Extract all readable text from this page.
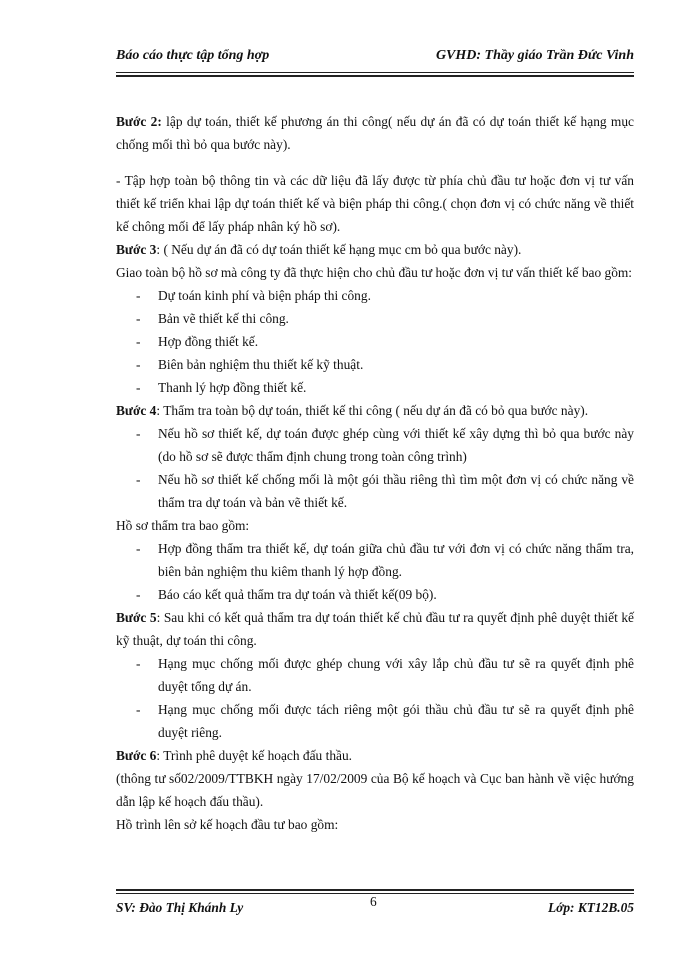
Báo cáo thực tập tổng hợp	GVHD: Thầy giáo Trần Đức Vinh

Bước 2: lập dự toán, thiết kế phương án thi công( nếu dự án đã có dự toán thiết kế hạng mục chống mối thì bỏ qua bước này).

- Tập hợp toàn bộ thông tin và các dữ liệu đã lấy được từ phía chủ đầu tư hoặc đơn vị tư vấn thiết kế triển khai lập dự toán thiết kế và biện pháp thi công.( chọn đơn vị có chức năng về thiết kế chông mối để lấy pháp nhân ký hồ sơ).

Bước 3: ( Nếu dự án đã có dự toán thiết kế hạng mục cm bỏ qua bước này).

Giao toàn bộ hồ sơ mà công ty đã thực hiện cho chủ đầu tư hoặc đơn vị tư vấn thiết kế bao gồm:

- Dự toán kinh phí và biện pháp thi công.
- Bản vẽ thiết kế thi công.
- Hợp đồng thiết kế.
- Biên bản nghiệm thu thiết kế kỹ thuật.
- Thanh lý hợp đồng thiết kế.

Bước 4: Thẩm tra toàn bộ dự toán, thiết kế thi công ( nếu dự án đã có bỏ qua bước này).

- Nếu hồ sơ thiết kế, dự toán được ghép cùng với thiết kế xây dựng thì bỏ qua bước này (do hồ sơ sẽ được thẩm định chung trong toàn công trình)
- Nếu hồ sơ thiết kế chống mối là một gói thầu riêng thì tìm một đơn vị có chức năng về thẩm tra dự toán và bản vẽ thiết kế.

Hồ sơ thẩm tra bao gồm:

- Hợp đồng thẩm tra thiết kế, dự toán giữa chủ đầu tư với đơn vị có chức năng thẩm tra, biên bản nghiệm thu kiêm thanh lý hợp đồng.
- Báo cáo kết quả thẩm tra dự toán và thiết kế(09 bộ).

Bước 5: Sau khi có kết quả thẩm tra dự toán thiết kế chủ đầu tư ra quyết định phê duyệt thiết kế kỹ thuật, dự toán thi công.

- Hạng mục chống mối được ghép chung với xây lắp chủ đầu tư sẽ ra quyết định phê duyệt tổng dự án.
- Hạng mục chống mối được tách riêng một gói thầu chủ đầu tư sẽ ra quyết định phê duyệt riêng.

Bước 6: Trình phê duyệt kế hoạch đấu thầu.

(thông tư số02/2009/TTBKH ngày 17/02/2009 của Bộ kế hoạch và Cục ban hành về việc hướng dẫn lập kế hoạch đấu thầu).

Hồ trình lên sở kế hoạch đầu tư bao gồm:

SV: Đào Thị Khánh Ly	6	Lớp: KT12B.05
